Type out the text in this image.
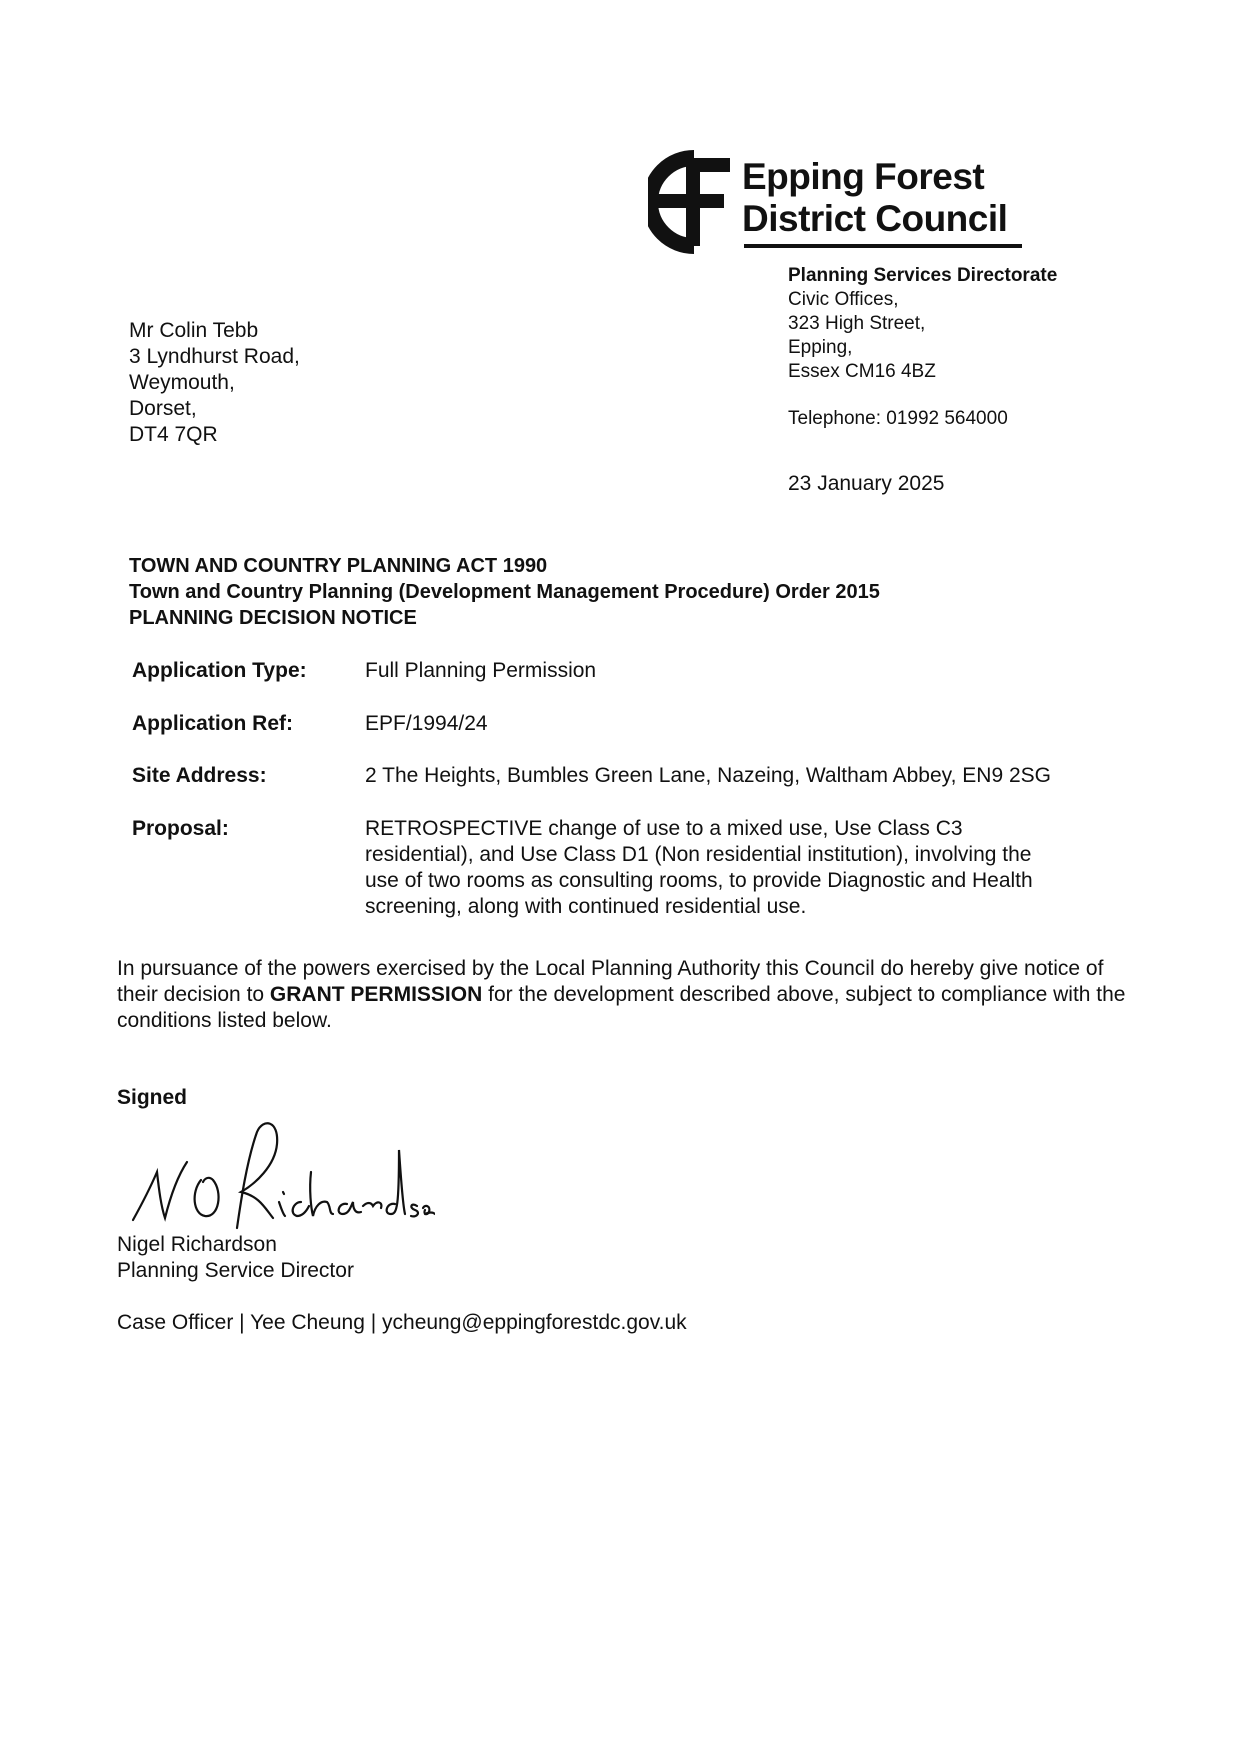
Epping Forest
District Council
Planning Services Directorate
Civic Offices,
323 High Street,
Epping,
Essex CM16 4BZ
Telephone: 01992 564000
23 January 2025
Mr Colin Tebb
3 Lyndhurst Road,
Weymouth,
Dorset,
DT4 7QR
TOWN AND COUNTRY PLANNING ACT 1990
Town and Country Planning (Development Management Procedure) Order 2015
PLANNING DECISION NOTICE
Application Type:	Full Planning Permission
Application Ref:	EPF/1994/24
Site Address:	2 The Heights, Bumbles Green Lane, Nazeing, Waltham Abbey, EN9 2SG
Proposal:	RETROSPECTIVE change of use to a mixed use, Use Class C3
residential), and Use Class D1 (Non residential institution), involving the
use of two rooms as consulting rooms, to provide Diagnostic and Health
screening, along with continued residential use.
In pursuance of the powers exercised by the Local Planning Authority this Council do hereby give notice of their decision to GRANT PERMISSION for the development described above, subject to compliance with the conditions listed below.
Signed
Nigel Richardson
Planning Service Director
Case Officer | Yee Cheung | ycheung@eppingforestdc.gov.uk
